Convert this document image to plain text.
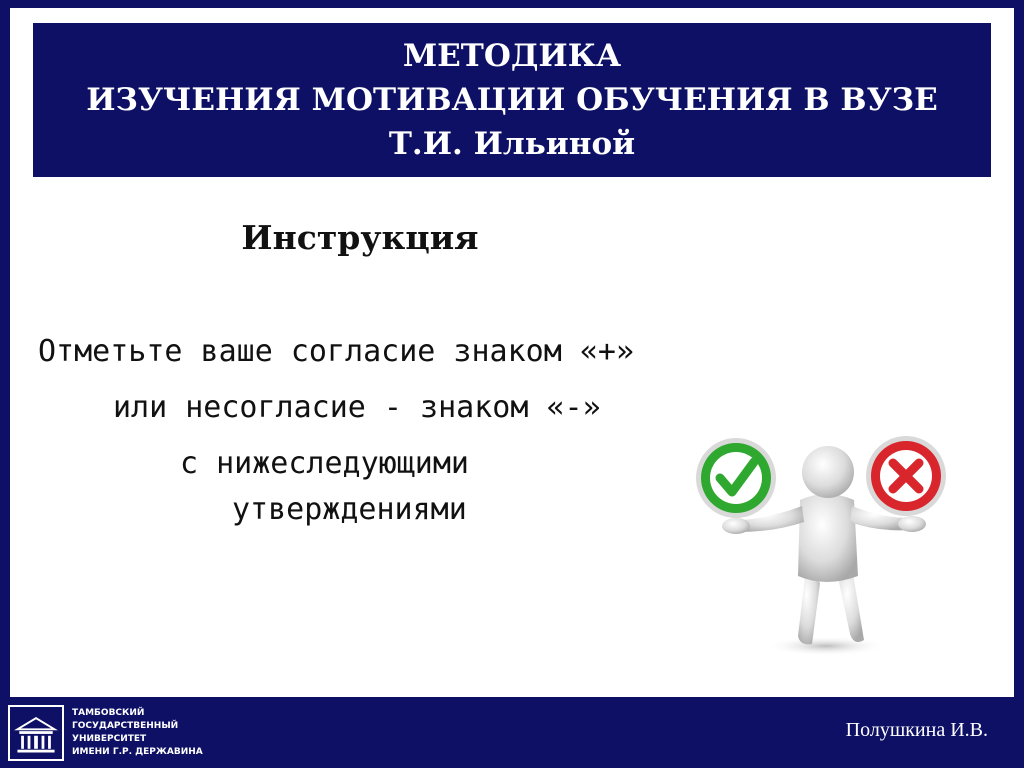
МЕТОДИКА
ИЗУЧЕНИЯ МОТИВАЦИИ ОБУЧЕНИЯ В ВУЗЕ
Т.И. Ильиной
Инструкция
Отметьте ваше согласие знаком «+»
или несогласие - знаком «-»
с нижеследующими
утверждениями
ТАМБОВСКИЙ
ГОСУДАРСТВЕННЫЙ
УНИВЕРСИТЕТ
ИМЕНИ Г.Р. ДЕРЖАВИНА
Полушкина И.В.
